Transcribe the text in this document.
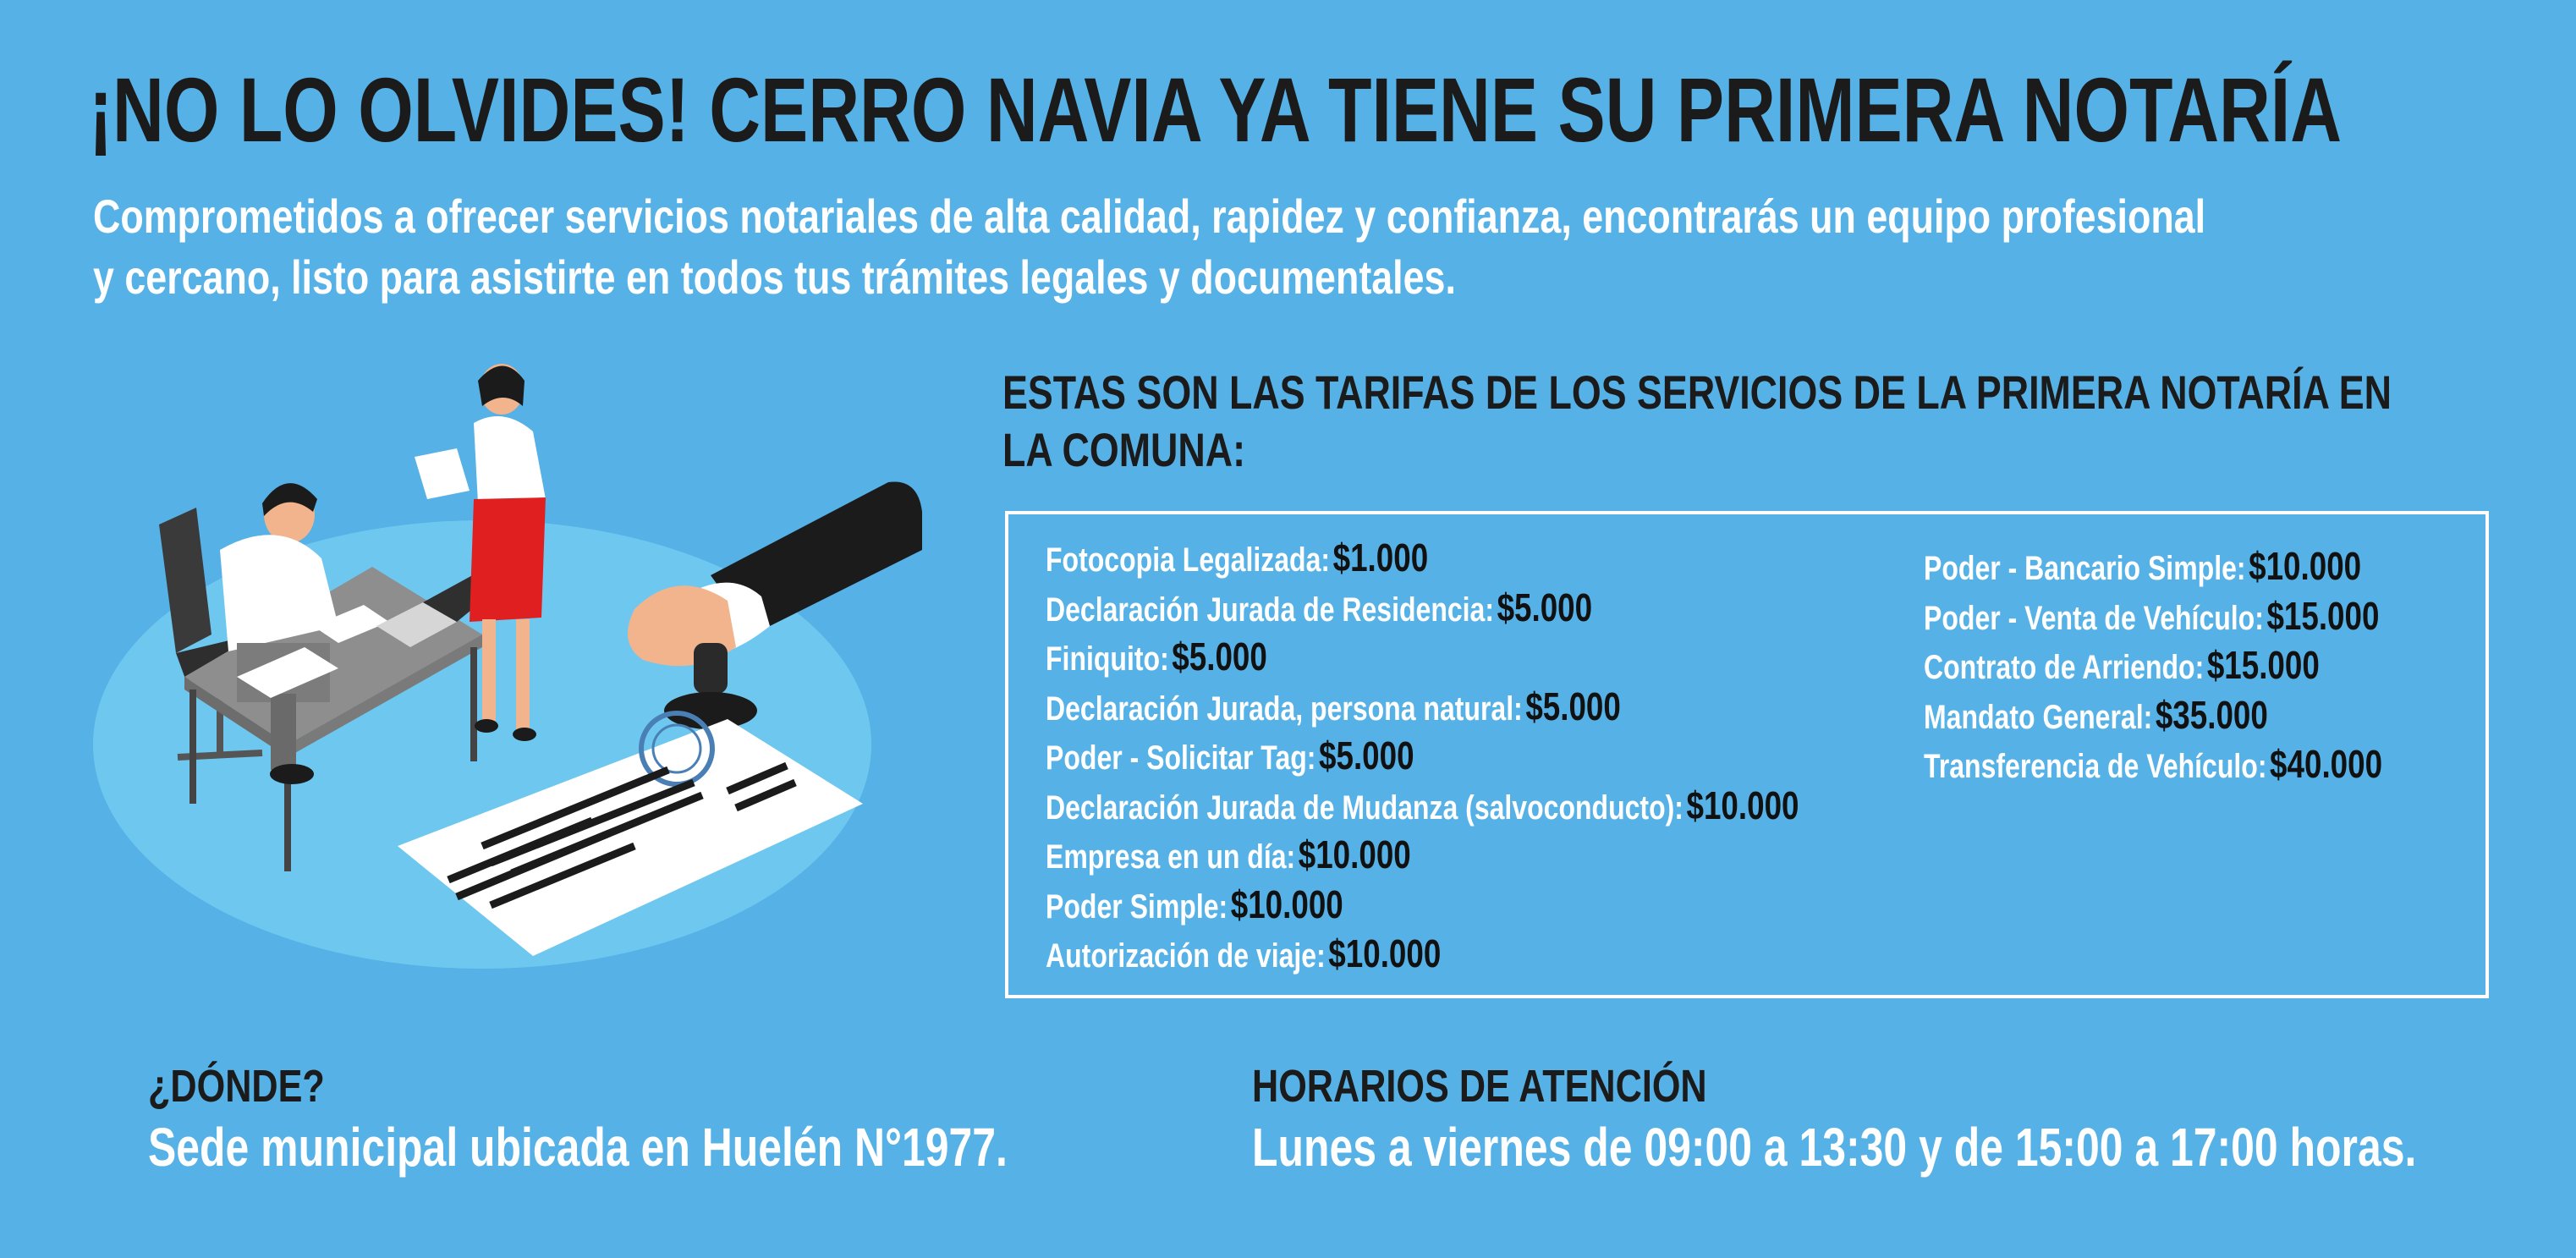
¡NO LO OLVIDES! CERRO NAVIA YA TIENE SU PRIMERA NOTARÍA
Comprometidos a ofrecer servicios notariales de alta calidad, rapidez y confianza, encontrarás un equipo profesional
y cercano, listo para asistirte en todos tus trámites legales y documentales.
ESTAS SON LAS TARIFAS DE LOS SERVICIOS DE LA PRIMERA NOTARÍA EN
LA COMUNA:
Fotocopia Legalizada: $1.000
Declaración Jurada de Residencia: $5.000
Finiquito: $5.000
Declaración Jurada, persona natural: $5.000
Poder - Solicitar Tag: $5.000
Declaración Jurada de Mudanza (salvoconducto): $10.000
Empresa en un día: $10.000
Poder Simple: $10.000
Autorización de viaje: $10.000
Poder - Bancario Simple: $10.000
Poder - Venta de Vehículo: $15.000
Contrato de Arriendo: $15.000
Mandato General: $35.000
Transferencia de Vehículo: $40.000
¿DÓNDE?
Sede municipal ubicada en Huelén N°1977.
HORARIOS DE ATENCIÓN
Lunes a viernes de 09:00 a 13:30 y de 15:00 a 17:00 horas.
